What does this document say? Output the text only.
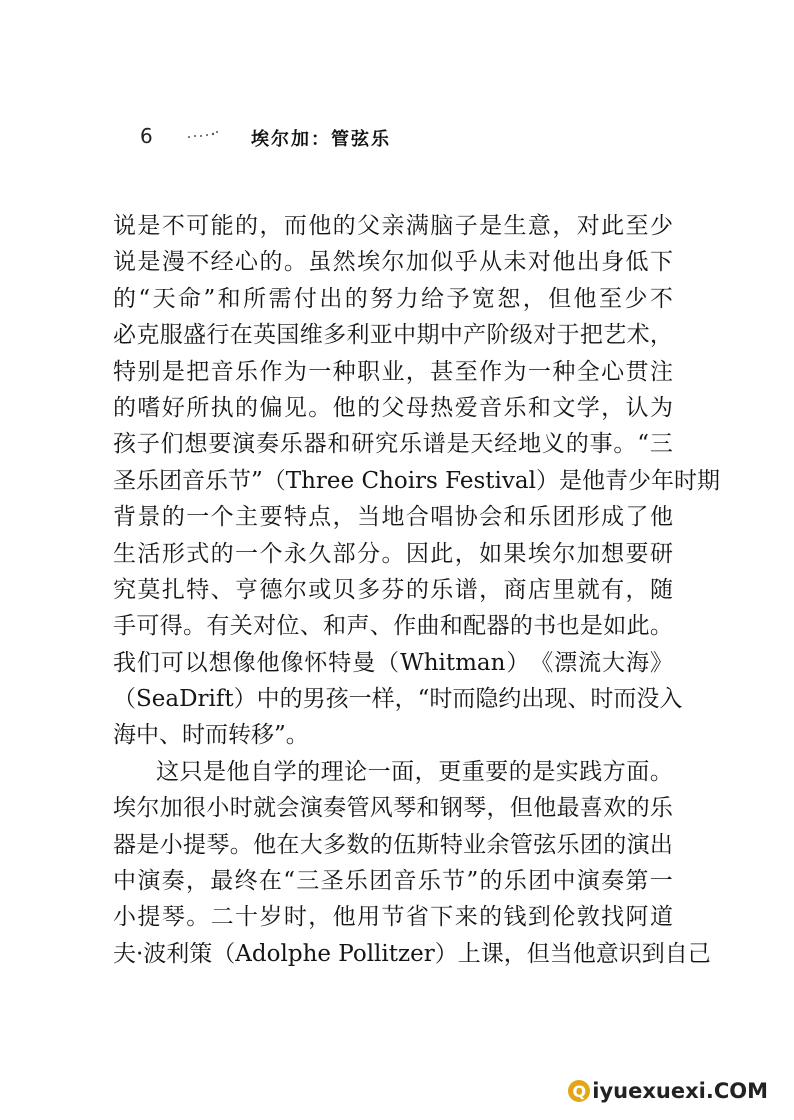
6	埃尔加：管弦乐
说 是 不 可 能 的 ， 而 他 的 父 亲 满 脑 子 是 生 意 ， 对 此 至 少
说 是 漫 不 经 心 的 。 虽 然 埃 尔 加 似 乎 从 未 对 他 出 身 低 下
的 “ 天 命 ” 和 所 需 付 出 的 努 力 给 予 宽 恕 ， 但 他 至 少 不
必 克 服 盛 行 在 英 国 维 多 利 亚 中 期 中 产 阶 级 对 于 把 艺 术 ，
特 别 是 把 音 乐 作 为 一 种 职 业 ， 甚 至 作 为 一 种 全 心 贯 注
的 嗜 好 所 执 的 偏 见 。 他 的 父 母 热 爱 音 乐 和 文 学 ， 认 为
孩 子 们 想 要 演 奏 乐 器 和 研 究 乐 谱 是 天 经 地 义 的 事 。 “ 三
圣 乐 团 音 乐 节 ” （ Three Choirs Festival ） 是 他 青 少 年 时 期
背 景 的 一 个 主 要 特 点 ， 当 地 合 唱 协 会 和 乐 团 形 成 了 他
生 活 形 式 的 一 个 永 久 部 分 。 因 此 ， 如 果 埃 尔 加 想 要 研
究 莫 扎 特 、 亨 德 尔 或 贝 多 芬 的 乐 谱 ， 商 店 里 就 有 ， 随
手 可 得 。 有 关 对 位 、 和 声 、 作 曲 和 配 器 的 书 也 是 如 此 。
我 们 可 以 想 像 他 像 怀 特 曼 （ Whitman ） 《 漂 流 大 海 》
（ SeaDrift ） 中 的 男 孩 一 样 ， “ 时 而 隐 约 出 现 、 时 而 没 入
海中、时而转移”。
这 只 是 他 自 学 的 理 论 一 面 ， 更 重 要 的 是 实 践 方 面 。
埃 尔 加 很 小 时 就 会 演 奏 管 风 琴 和 钢 琴 ， 但 他 最 喜 欢 的 乐
器 是 小 提 琴 。 他 在 大 多 数 的 伍 斯 特 业 余 管 弦 乐 团 的 演 出
中 演 奏 ， 最 终 在 “ 三 圣 乐 团 音 乐 节 ” 的 乐 团 中 演 奏 第 一
小 提 琴 。 二 十 岁 时 ， 他 用 节 省 下 来 的 钱 到 伦 敦 找 阿 道
夫·波利策（Adolphe Pollitzer）上课，但当他意识到自己
Q iyuexuexi.COM
